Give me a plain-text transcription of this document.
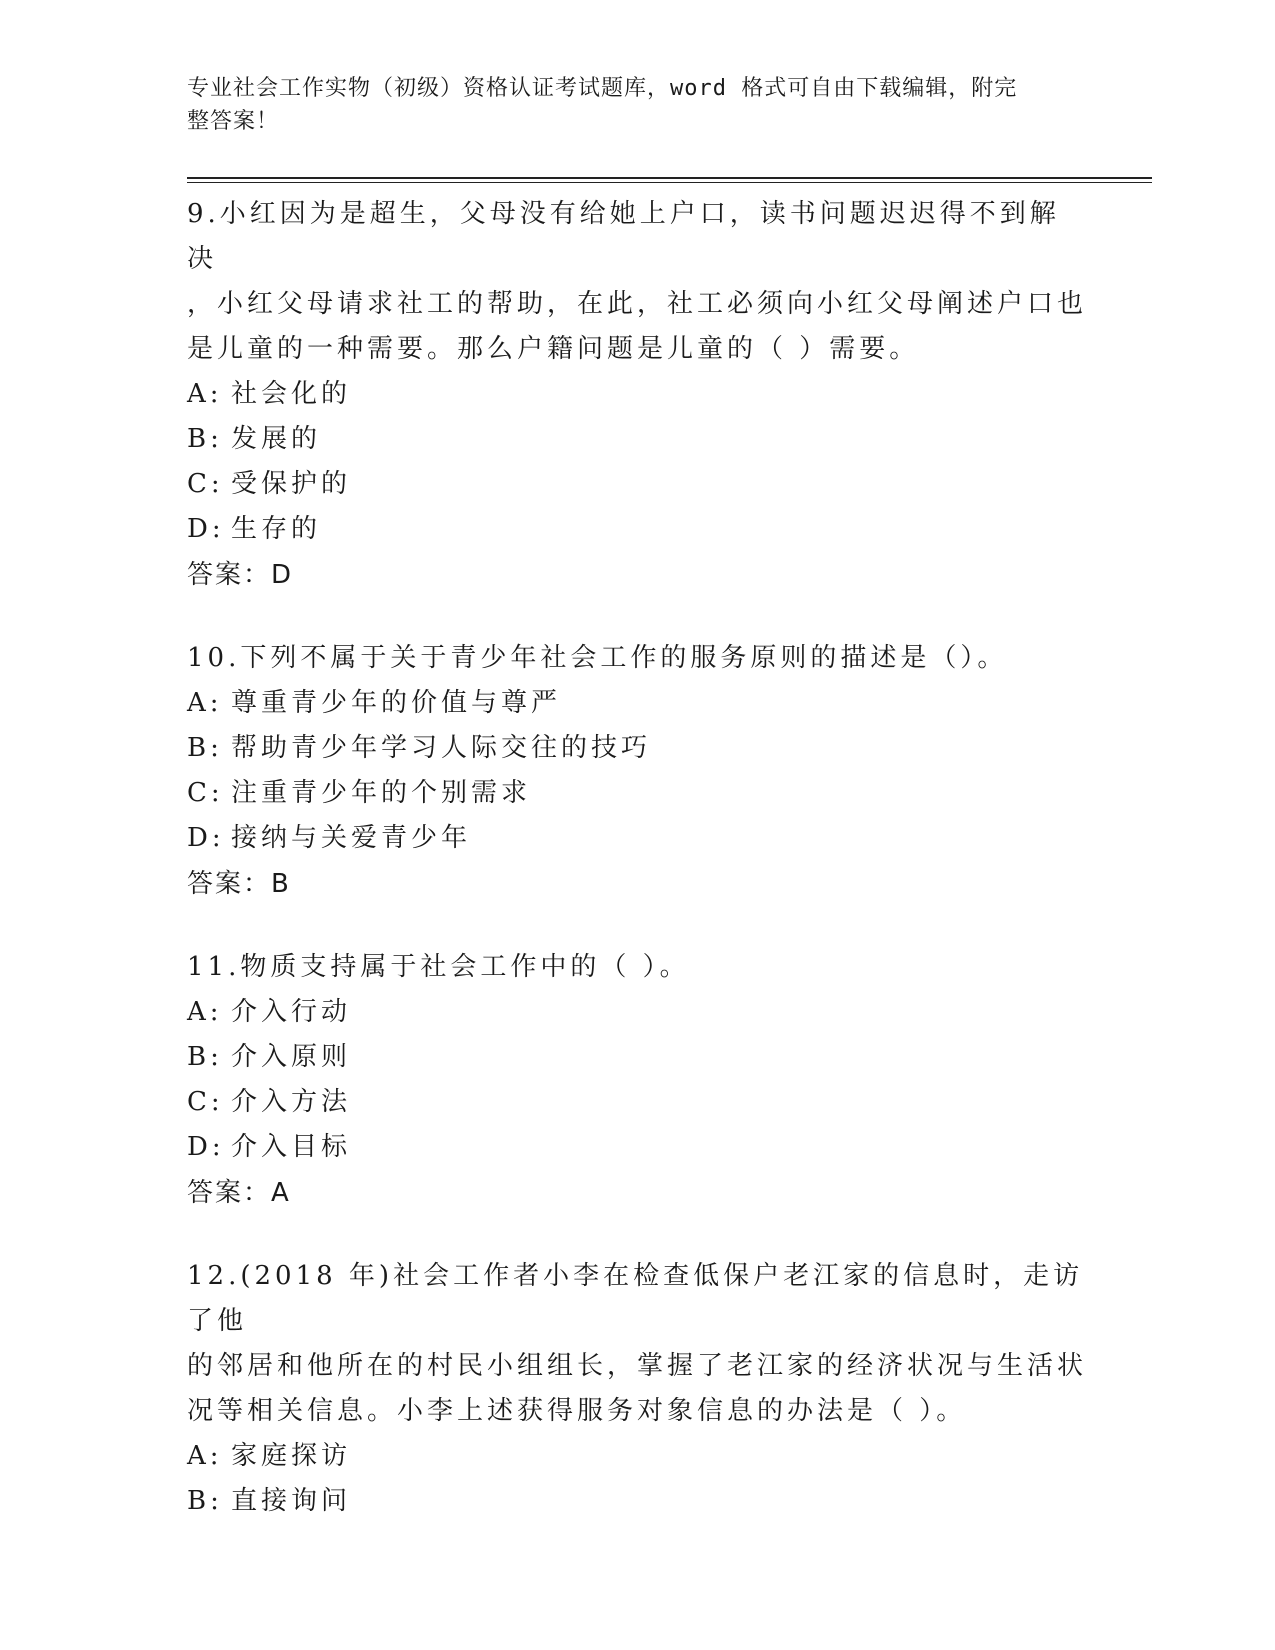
专业社会工作实物（初级）资格认证考试题库，word 格式可自由下载编辑，附完
整答案！

9.小红因为是超生，父母没有给她上户口，读书问题迟迟得不到解决

，小红父母请求社工的帮助，在此，社工必须向小红父母阐述户口也

是儿童的一种需要。那么户籍问题是儿童的（ ）需要。

A: 社会化的

B: 发展的

C: 受保护的

D: 生存的

答案：D

10.下列不属于关于青少年社会工作的服务原则的描述是（）。

A: 尊重青少年的价值与尊严

B: 帮助青少年学习人际交往的技巧

C: 注重青少年的个别需求

D: 接纳与关爱青少年

答案：B

11.物质支持属于社会工作中的（ ）。

A: 介入行动

B: 介入原则

C: 介入方法

D: 介入目标

答案：A

12.(2018 年)社会工作者小李在检查低保户老江家的信息时，走访了他

的邻居和他所在的村民小组组长，掌握了老江家的经济状况与生活状

况等相关信息。小李上述获得服务对象信息的办法是（ ）。

A: 家庭探访

B: 直接询问
